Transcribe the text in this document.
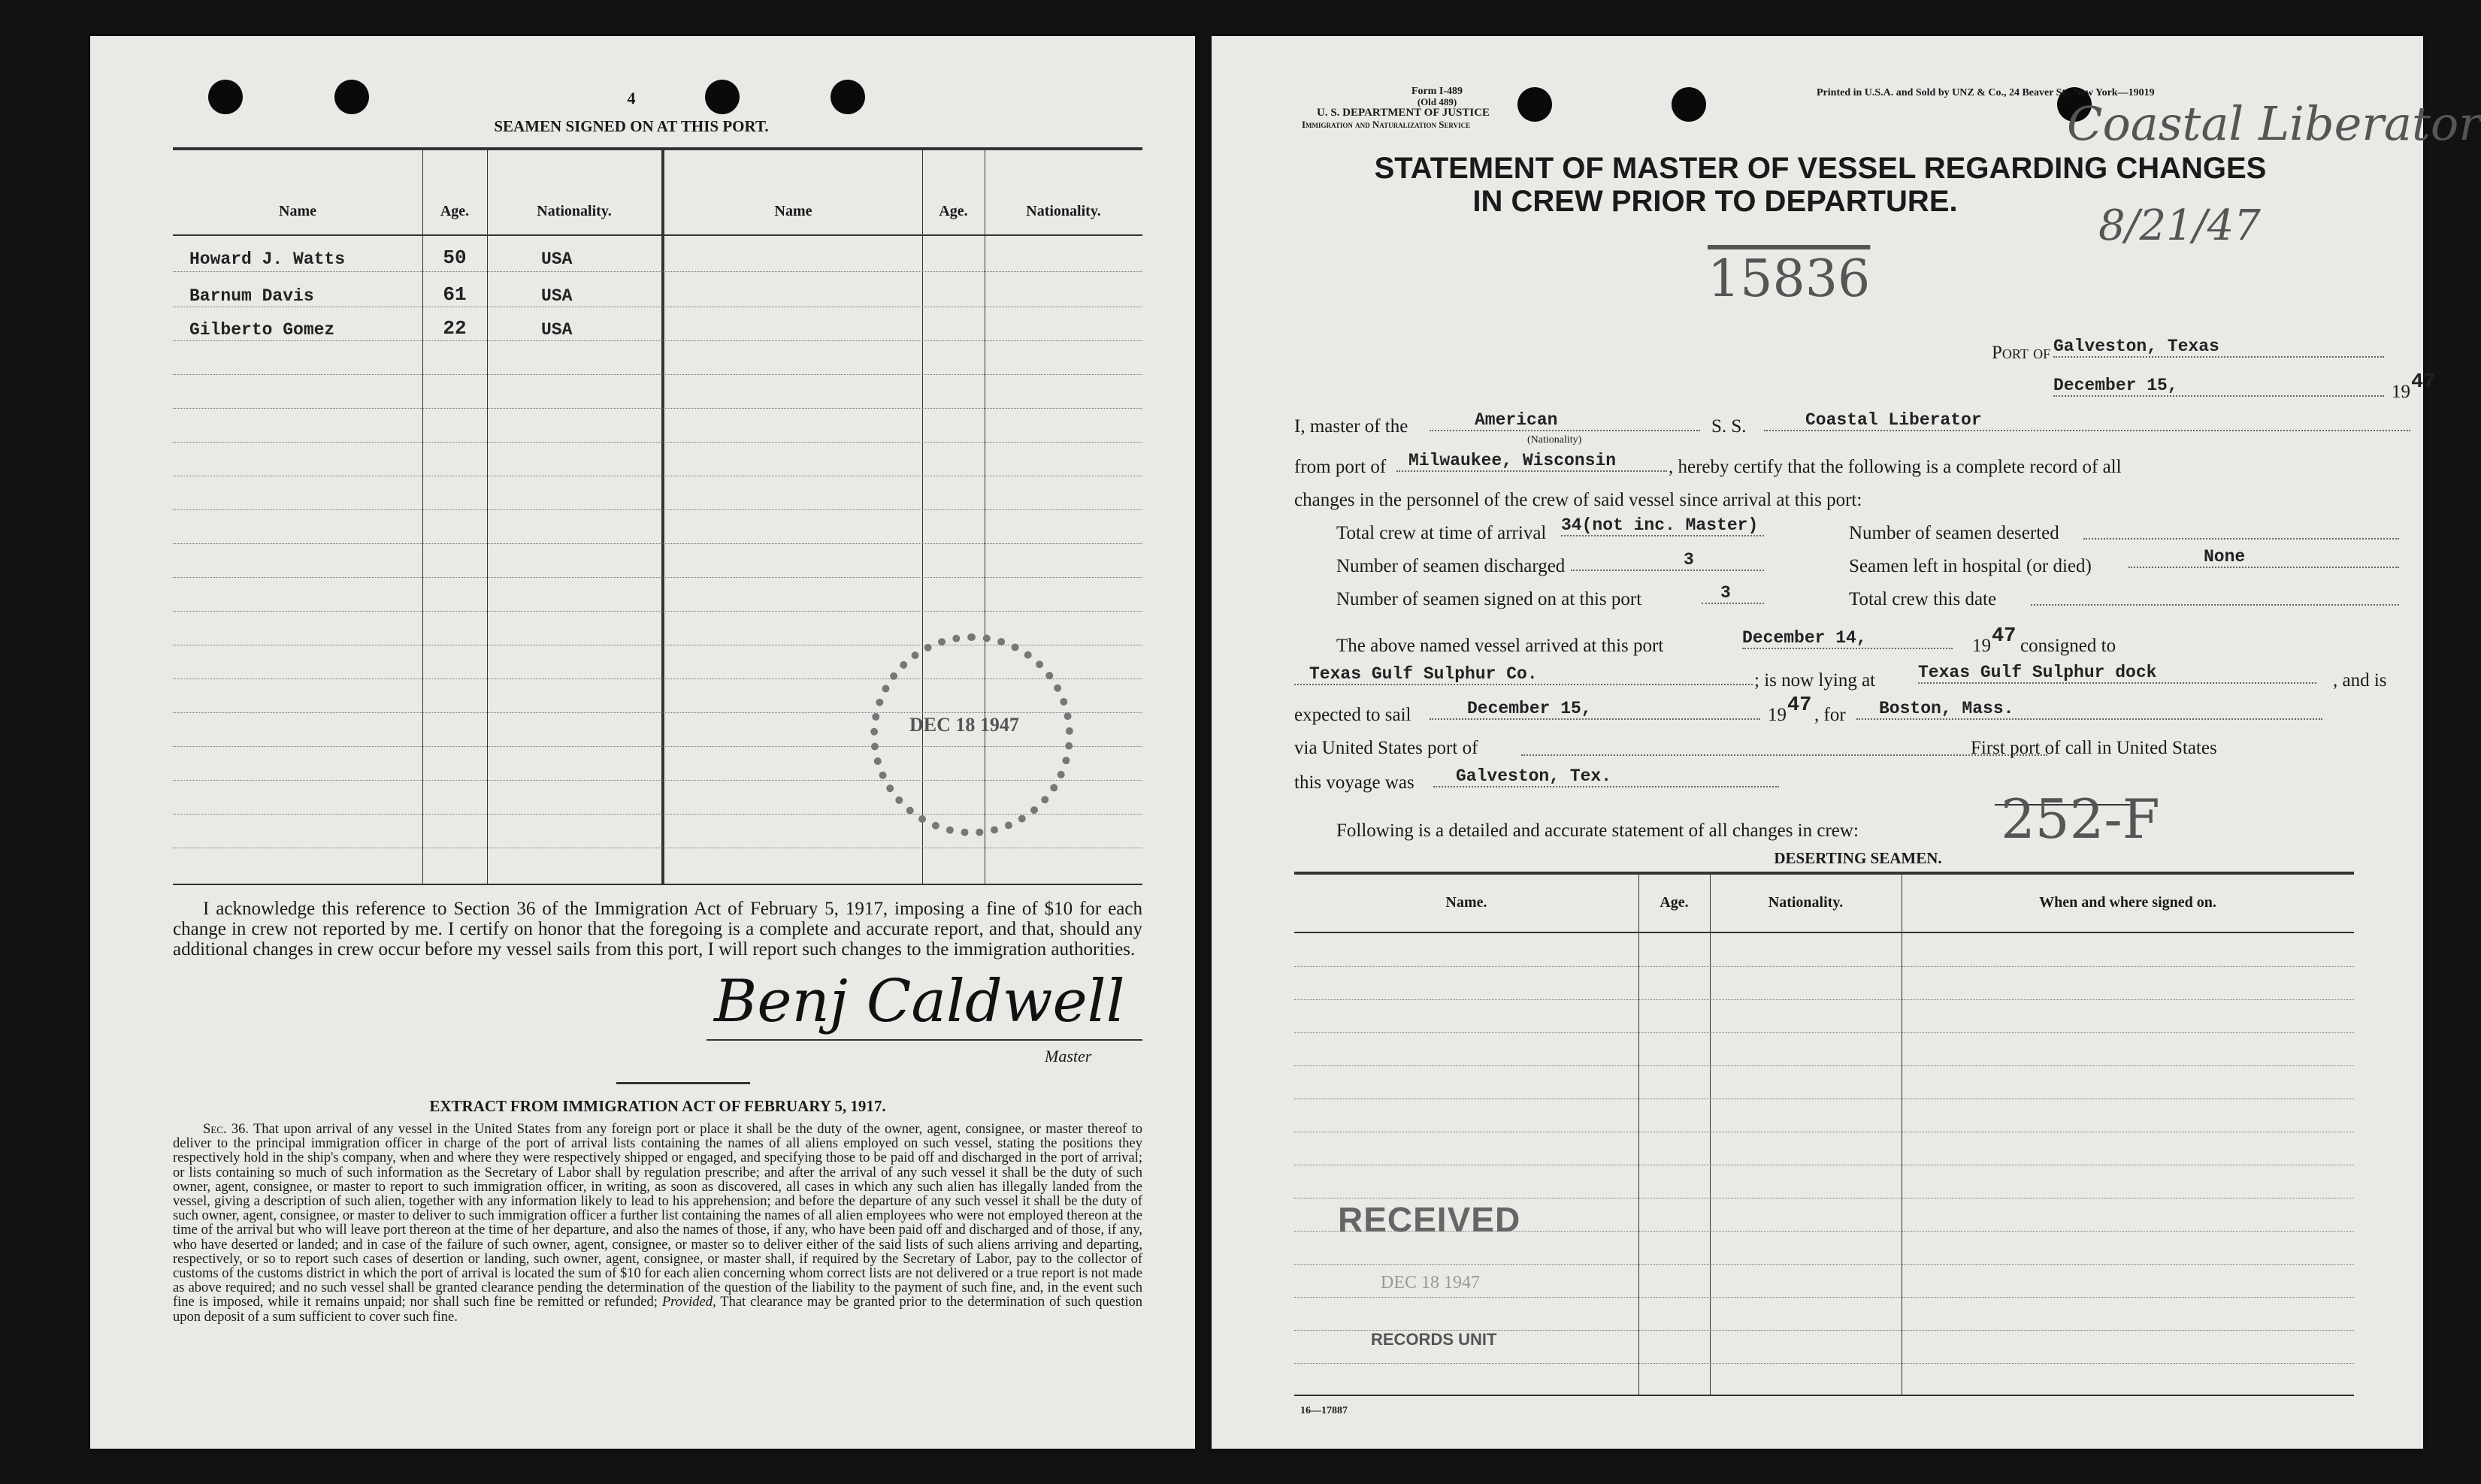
4
SEAMEN SIGNED ON AT THIS PORT.
Name	Age.	Nationality.	Name	Age.	Nationality.
Howard J. Watts	50	USA
Barnum Davis	61	USA
Gilberto Gomez	22	USA
DEC 18 1947
I acknowledge this reference to Section 36 of the Immigration Act of February 5, 1917, imposing a fine of $10 for each change in crew not reported by me. I certify on honor that the foregoing is a complete and accurate report, and that, should any additional changes in crew occur before my vessel sails from this port, I will report such changes to the immigration authorities.
Benj Caldwell
Master
EXTRACT FROM IMMIGRATION ACT OF FEBRUARY 5, 1917.
Sec. 36. That upon arrival of any vessel in the United States from any foreign port or place it shall be the duty of the owner, agent, consignee, or master thereof to deliver to the principal immigration officer in charge of the port of arrival lists containing the names of all aliens employed on such vessel, stating the positions they respectively hold in the ship's company, when and where they were respectively shipped or engaged, and specifying those to be paid off and discharged in the port of arrival; or lists containing so much of such information as the Secretary of Labor shall by regulation prescribe; and after the arrival of any such vessel it shall be the duty of such owner, agent, consignee, or master to report to such immigration officer, in writing, as soon as discovered, all cases in which any such alien has illegally landed from the vessel, giving a description of such alien, together with any information likely to lead to his apprehension; and before the departure of any such vessel it shall be the duty of such owner, agent, consignee, or master to deliver to such immigration officer a further list containing the names of all alien employees who were not employed thereon at the time of the arrival but who will leave port thereon at the time of her departure, and also the names of those, if any, who have been paid off and discharged and of those, if any, who have deserted or landed; and in case of the failure of such owner, agent, consignee, or master so to deliver either of the said lists of such aliens arriving and departing, respectively, or so to report such cases of desertion or landing, such owner, agent, consignee, or master shall, if required by the Secretary of Labor, pay to the collector of customs of the customs district in which the port of arrival is located the sum of $10 for each alien concerning whom correct lists are not delivered or a true report is not made as above required; and no such vessel shall be granted clearance pending the determination of the question of the liability to the payment of such fine, and, in the event such fine is imposed, while it remains unpaid; nor shall such fine be remitted or refunded; Provided, That clearance may be granted prior to the determination of such question upon deposit of a sum sufficient to cover such fine.
Form I-489
(Old 489)
U. S. DEPARTMENT OF JUSTICE
Immigration and Naturalization Service
Printed in U.S.A. and Sold by UNZ & Co., 24 Beaver St., New York—19019
Coastal Liberator
8/21/47
STATEMENT OF MASTER OF VESSEL REGARDING CHANGES
IN CREW PRIOR TO DEPARTURE.
15836
Port of Galveston, Texas
December 15,	19 47
I, master of the	American
(Nationality)
S. S.	Coastal Liberator
from port of	Milwaukee, Wisconsin	, hereby certify that the following is a complete record of all
changes in the personnel of the crew of said vessel since arrival at this port:
Total crew at time of arrival 34(not inc. Master)	Number of seamen deserted
Number of seamen discharged	3	Seamen left in hospital (or died)	None
Number of seamen signed on at this port	3	Total crew this date
The above named vessel arrived at this port	December 14,	19 47 consigned to
Texas Gulf Sulphur Co.	; is now lying at Texas Gulf Sulphur dock	, and is
expected to sail	December 15,	19 47 , for	Boston, Mass.
via United States port of	First port of call in United States
this voyage was	Galveston, Tex.
Following is a detailed and accurate statement of all changes in crew:	252-F
DESERTING SEAMEN.
Name.	Age.	Nationality.	When and where signed on.
RECEIVED
DEC 18 1947
RECORDS UNIT
16—17887
